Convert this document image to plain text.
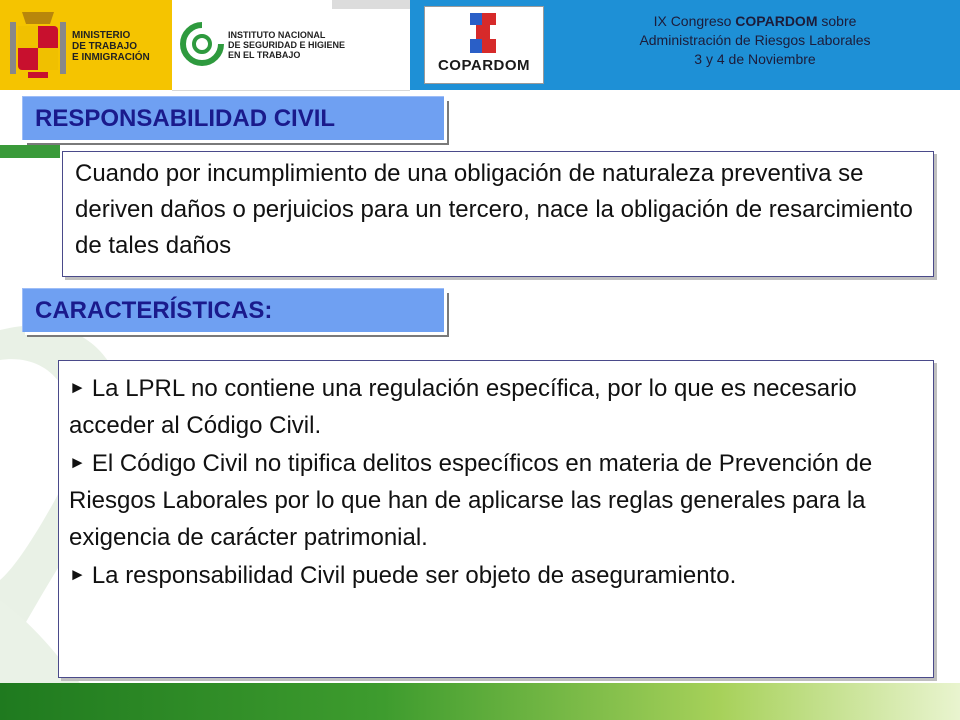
MINISTERIO
DE TRABAJO
E INMIGRACIÓN
INSTITUTO NACIONAL
DE SEGURIDAD E HIGIENE
EN EL TRABAJO
COPARDOM
IX Congreso COPARDOM sobre
Administración de Riesgos Laborales
3 y 4 de Noviembre
RESPONSABILIDAD CIVIL
Cuando por incumplimiento de una obligación de naturaleza preventiva se deriven daños o perjuicios para un tercero, nace la obligación de resarcimiento de tales daños
CARACTERÍSTICAS:

► La LPRL no contiene una regulación específica, por lo que es necesario acceder al Código Civil.

► El Código Civil no tipifica delitos específicos en materia de Prevención de Riesgos Laborales por lo que han de aplicarse las reglas generales para la exigencia de carácter patrimonial.

► La responsabilidad Civil puede ser objeto de aseguramiento.
